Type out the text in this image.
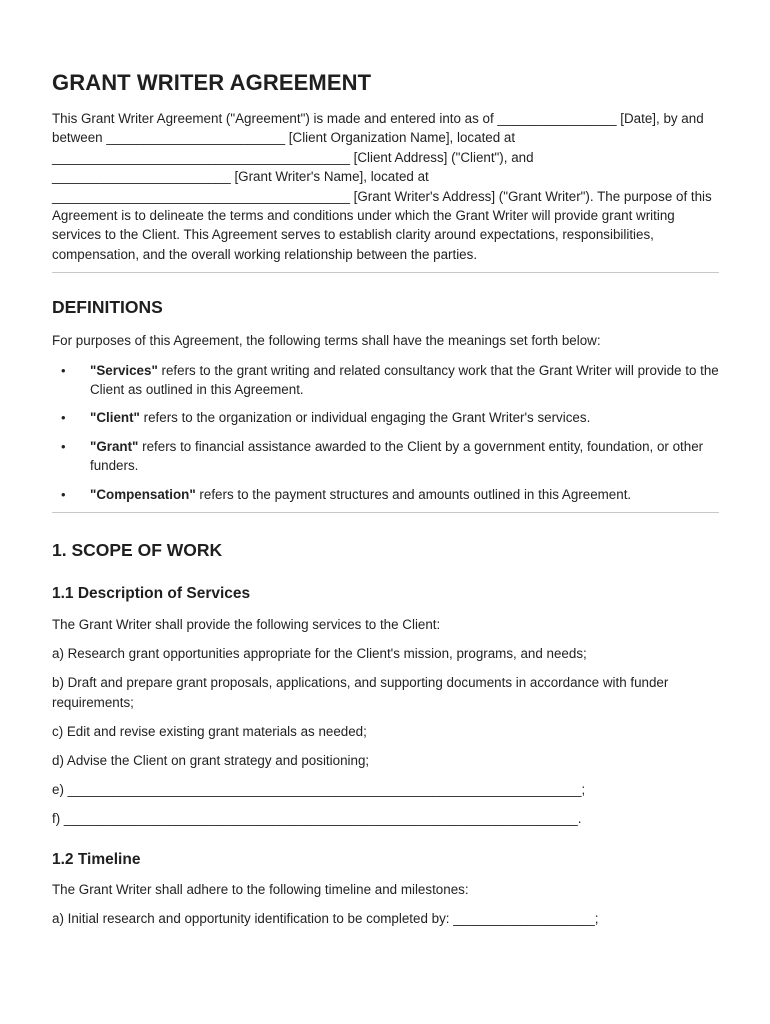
GRANT WRITER AGREEMENT

This Grant Writer Agreement ("Agreement") is made and entered into as of ________________ [Date], by and between ________________________ [Client Organization Name], located at ________________________________________ [Client Address] ("Client"), and ________________________ [Grant Writer's Name], located at ________________________________________ [Grant Writer's Address] ("Grant Writer"). The purpose of this Agreement is to delineate the terms and conditions under which the Grant Writer will provide grant writing services to the Client. This Agreement serves to establish clarity around expectations, responsibilities, compensation, and the overall working relationship between the parties.

DEFINITIONS

For purposes of this Agreement, the following terms shall have the meanings set forth below:

• "Services" refers to the grant writing and related consultancy work that the Grant Writer will provide to the Client as outlined in this Agreement.
• "Client" refers to the organization or individual engaging the Grant Writer's services.
• "Grant" refers to financial assistance awarded to the Client by a government entity, foundation, or other funders.
• "Compensation" refers to the payment structures and amounts outlined in this Agreement.
1. SCOPE OF WORK
1.1 Description of Services

The Grant Writer shall provide the following services to the Client:

a) Research grant opportunities appropriate for the Client's mission, programs, and needs;

b) Draft and prepare grant proposals, applications, and supporting documents in accordance with funder requirements;

c) Edit and revise existing grant materials as needed;

d) Advise the Client on grant strategy and positioning;

e) _____________________________________________________________________;

f) _____________________________________________________________________.

1.2 Timeline

The Grant Writer shall adhere to the following timeline and milestones:

a) Initial research and opportunity identification to be completed by: ___________________;
